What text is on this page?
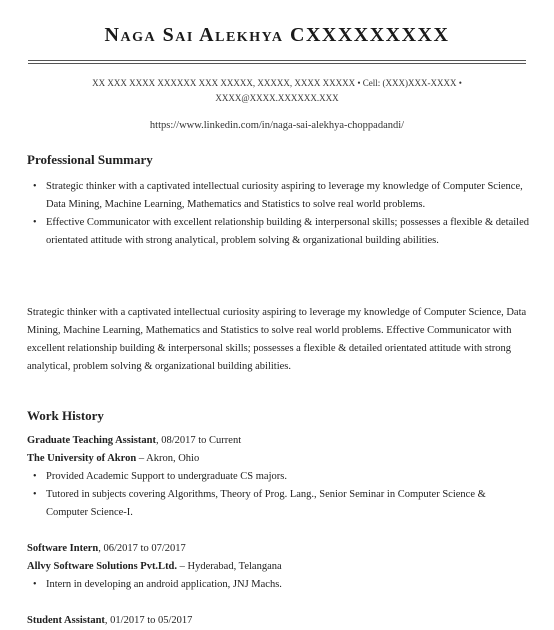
Naga Sai Alekhya CXXXXXXXXX
XX XXX XXXX XXXXXX XXX XXXXX, XXXXX, XXXX XXXXX • Cell: (XXX)XXX-XXXX •
XXXX@XXXX.XXXXXX.XXX
https://www.linkedin.com/in/naga-sai-alekhya-choppadandi/
Professional Summary
• Strategic thinker with a captivated intellectual curiosity aspiring to leverage my knowledge of Computer Science, Data Mining, Machine Learning, Mathematics and Statistics to solve real world problems.
• Effective Communicator with excellent relationship building & interpersonal skills; possesses a flexible & detailed orientated attitude with strong analytical, problem solving & organizational building abilities.
Strategic thinker with a captivated intellectual curiosity aspiring to leverage my knowledge of Computer Science, Data Mining, Machine Learning, Mathematics and Statistics to solve real world problems. Effective Communicator with excellent relationship building & interpersonal skills; possesses a flexible & detailed orientated attitude with strong analytical, problem solving & organizational building abilities.
Work History
Graduate Teaching Assistant, 08/2017 to Current
The University of Akron – Akron, Ohio
• Provided Academic Support to undergraduate CS majors.
• Tutored in subjects covering Algorithms, Theory of Prog. Lang., Senior Seminar in Computer Science & Computer Science-I.
Software Intern, 06/2017 to 07/2017
Allvy Software Solutions Pvt.Ltd. – Hyderabad, Telangana
• Intern in developing an android application, JNJ Machs.
Student Assistant, 01/2017 to 05/2017
